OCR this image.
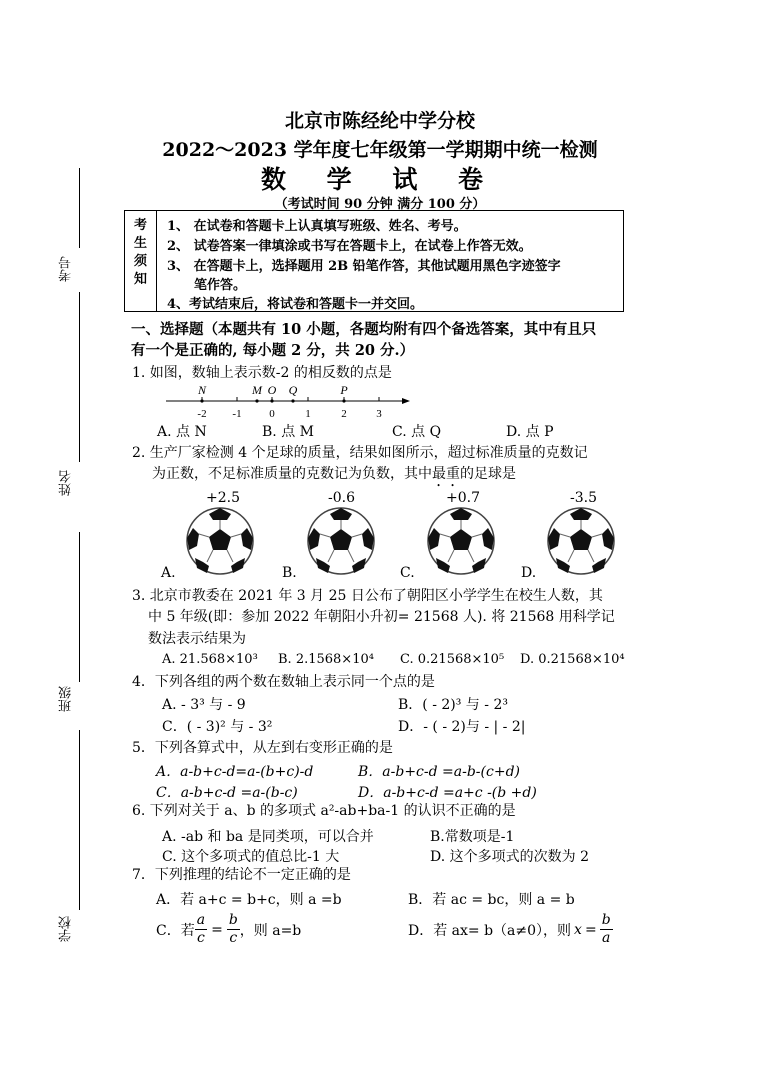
北京市陈经纶中学分校
2022～2023 学年度七年级第一学期期中统一检测
数 学 试 卷
（考试时间 90 分钟 满分 100 分）
考号
姓名
班级
学校
考
生
须
知
1、 在试卷和答题卡上认真填写班级、姓名、考号。
2、 试卷答案一律填涂或书写在答题卡上，在试卷上作答无效。
3、 在答题卡上，选择题用 2B 铅笔作答，其他试题用黑色字迹签字
笔作答。
4、考试结束后，将试卷和答题卡一并交回。
一、选择题（本题共有 10 小题，各题均附有四个备选答案，其中有且只
有一个是正确的, 每小题 2 分，共 20 分.）
1. 如图，数轴上表示数-2 的相反数的点是
-2 -1	0	1	2	3
N	M O Q	P
A. 点 N	B. 点 M	C. 点 Q	D. 点 P
2. 生产厂家检测 4 个足球的质量，结果如图所示，超过标准质量的克数记
为正数，不足标准质量的克数记为负数，其中最重的足球是
+2.5	-0.6	+0.7	-3.5
A.	B.	C.	D.
3. 北京市教委在 2021 年 3 月 25 日公布了朝阳区小学学生在校生人数，其
中 5 年级(即：参加 2022 年朝阳小升初= 21568 人). 将 21568 用科学记
数法表示结果为
A. 21.568×10³ B. 2.1568×10⁴ C. 0.21568×10⁵ D. 0.21568×10⁴
4．下列各组的两个数在数轴上表示同一个点的是
A. - 3³ 与 - 9	B．( - 2)³ 与 - 2³
C．( - 3)² 与 - 3²	D．- ( - 2)与 - | - 2|
5．下列各算式中，从左到右变形正确的是
A．a-b+c-d=a-(b+c)-d	B．a-b+c-d =a-b-(c+d)
C．a-b+c-d =a-(b-c)	D．a-b+c-d =a+c -(b +d)
6. 下列对关于 a、b 的多项式 a²-ab+ba-1 的认识不正确的是
A. -ab 和 ba 是同类项，可以合并	B.常数项是-1
C. 这个多项式的值总比-1 大	D. 这个多项式的次数为 2
7．下列推理的结论不一定正确的是
A．若 a+c = b+c，则 a =b	B．若 ac = bc，则 a = b
C．若 $\frac{a}{c} = \frac{b}{c}$ ，则 a=b	D．若 ax= b（a≠0），则 $x = \frac{b}{a}$
